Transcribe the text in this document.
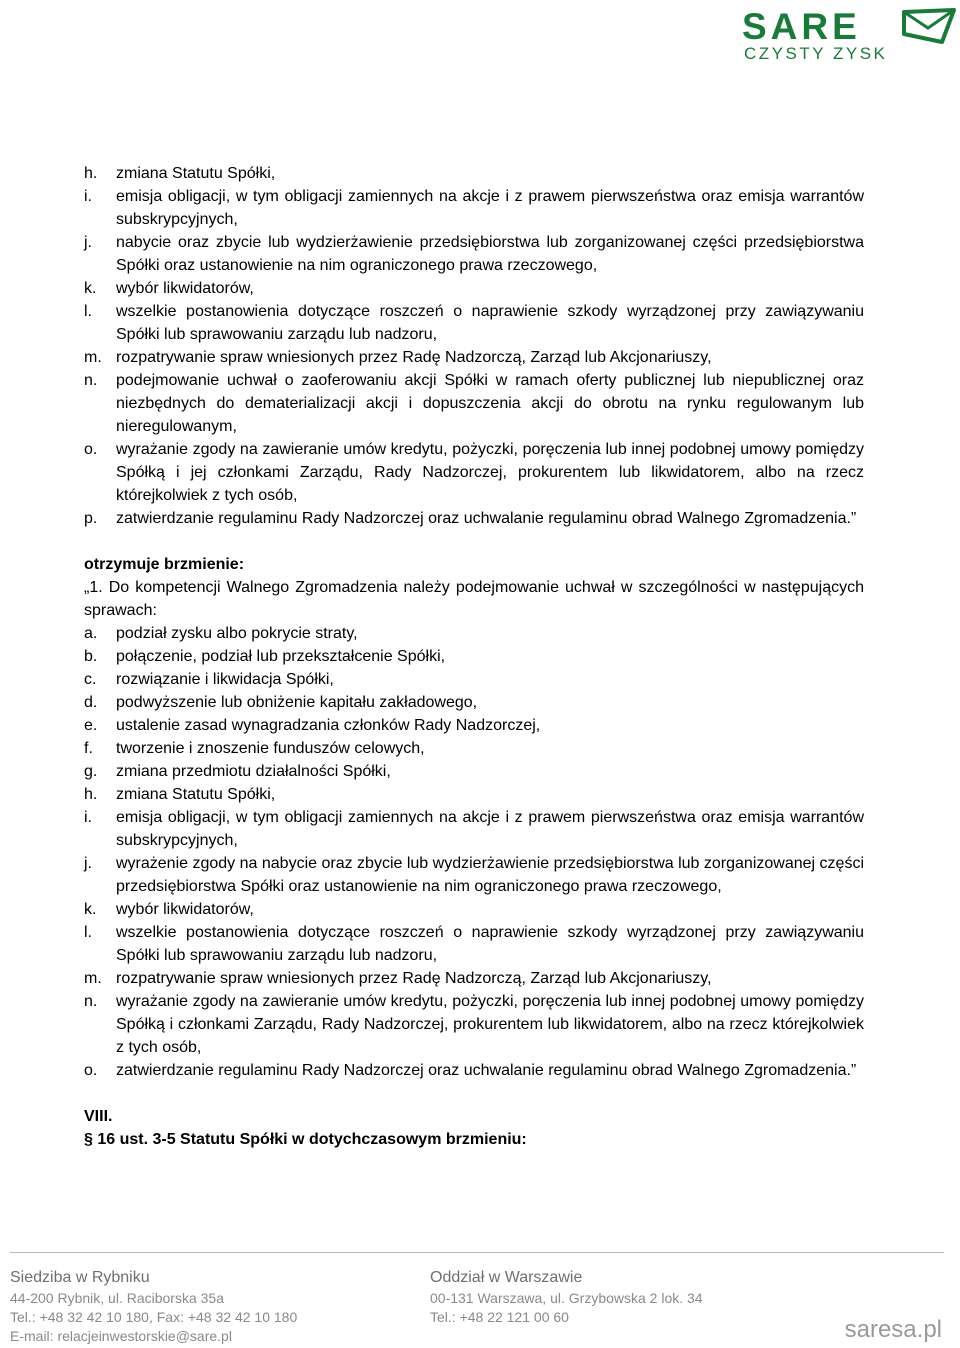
SARE
CZYSTY ZYSK
h. zmiana Statutu Spółki,
i. emisja obligacji, w tym obligacji zamiennych na akcje i z prawem pierwszeństwa oraz emisja warrantów subskrypcyjnych,
j. nabycie oraz zbycie lub wydzierżawienie przedsiębiorstwa lub zorganizowanej części przedsiębiorstwa Spółki oraz ustanowienie na nim ograniczonego prawa rzeczowego,
k. wybór likwidatorów,
l. wszelkie postanowienia dotyczące roszczeń o naprawienie szkody wyrządzonej przy zawiązywaniu Spółki lub sprawowaniu zarządu lub nadzoru,
m. rozpatrywanie spraw wniesionych przez Radę Nadzorczą, Zarząd lub Akcjonariuszy,
n. podejmowanie uchwał o zaoferowaniu akcji Spółki w ramach oferty publicznej lub niepublicznej oraz niezbędnych do dematerializacji akcji i dopuszczenia akcji do obrotu na rynku regulowanym lub nieregulowanym,
o. wyrażanie zgody na zawieranie umów kredytu, pożyczki, poręczenia lub innej podobnej umowy pomiędzy Spółką i jej członkami Zarządu, Rady Nadzorczej, prokurentem lub likwidatorem, albo na rzecz którejkolwiek z tych osób,
p. zatwierdzanie regulaminu Rady Nadzorczej oraz uchwalanie regulaminu obrad Walnego Zgromadzenia.”
otrzymuje brzmienie:
„1. Do kompetencji Walnego Zgromadzenia należy podejmowanie uchwał w szczególności w następujących sprawach:
a. podział zysku albo pokrycie straty,
b. połączenie, podział lub przekształcenie Spółki,
c. rozwiązanie i likwidacja Spółki,
d. podwyższenie lub obniżenie kapitału zakładowego,
e. ustalenie zasad wynagradzania członków Rady Nadzorczej,
f. tworzenie i znoszenie funduszów celowych,
g. zmiana przedmiotu działalności Spółki,
h. zmiana Statutu Spółki,
i. emisja obligacji, w tym obligacji zamiennych na akcje i z prawem pierwszeństwa oraz emisja warrantów subskrypcyjnych,
j. wyrażenie zgody na nabycie oraz zbycie lub wydzierżawienie przedsiębiorstwa lub zorganizowanej części przedsiębiorstwa Spółki oraz ustanowienie na nim ograniczonego prawa rzeczowego,
k. wybór likwidatorów,
l. wszelkie postanowienia dotyczące roszczeń o naprawienie szkody wyrządzonej przy zawiązywaniu Spółki lub sprawowaniu zarządu lub nadzoru,
m. rozpatrywanie spraw wniesionych przez Radę Nadzorczą, Zarząd lub Akcjonariuszy,
n. wyrażanie zgody na zawieranie umów kredytu, pożyczki, poręczenia lub innej podobnej umowy pomiędzy Spółką i członkami Zarządu, Rady Nadzorczej, prokurentem lub likwidatorem, albo na rzecz którejkolwiek z tych osób,
o. zatwierdzanie regulaminu Rady Nadzorczej oraz uchwalanie regulaminu obrad Walnego Zgromadzenia.”
VIII.
§ 16 ust. 3-5 Statutu Spółki w dotychczasowym brzmieniu:
Siedziba w Rybniku
44-200 Rybnik, ul. Raciborska 35a
Tel.: +48 32 42 10 180, Fax: +48 32 42 10 180
E-mail: relacjeinwestorskie@sare.pl
Oddział w Warszawie
00-131 Warszawa, ul. Grzybowska 2 lok. 34
Tel.: +48 22 121 00 60	saresa.pl
